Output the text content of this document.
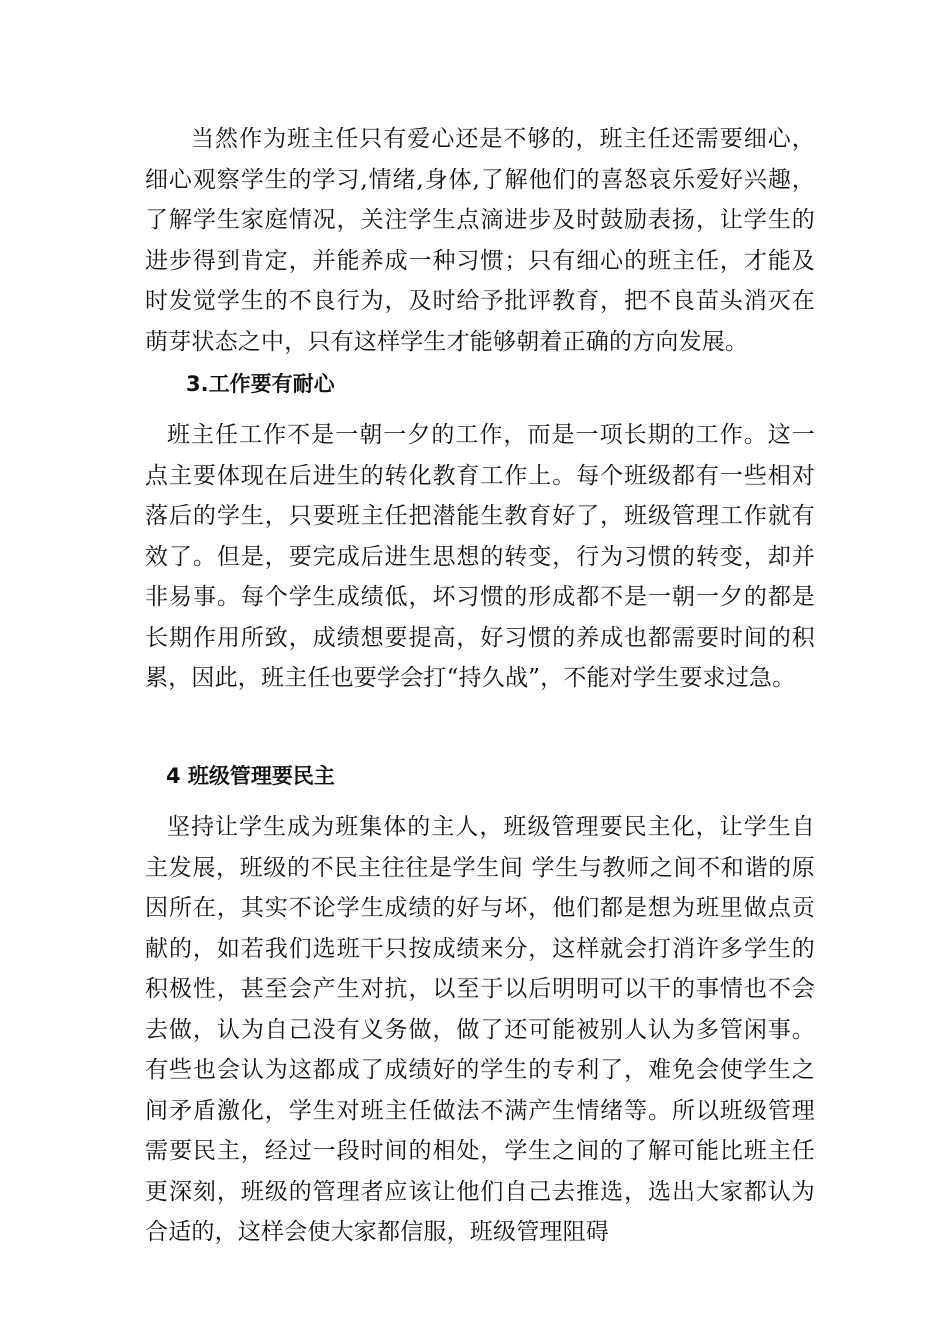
当然作为班主任只有爱心还是不够的，班主任还需要细心，细心观察学生的学习,情绪,身体,了解他们的喜怒哀乐爱好兴趣，了解学生家庭情况，关注学生点滴进步及时鼓励表扬，让学生的进步得到肯定，并能养成一种习惯；只有细心的班主任，才能及时发觉学生的不良行为，及时给予批评教育，把不良苗头消灭在萌芽状态之中，只有这样学生才能够朝着正确的方向发展。

3.工作要有耐心

班主任工作不是一朝一夕的工作，而是一项长期的工作。这一点主要体现在后进生的转化教育工作上。每个班级都有一些相对落后的学生，只要班主任把潜能生教育好了，班级管理工作就有效了。但是，要完成后进生思想的转变，行为习惯的转变，却并非易事。每个学生成绩低，坏习惯的形成都不是一朝一夕的都是长期作用所致，成绩想要提高，好习惯的养成也都需要时间的积累，因此，班主任也要学会打“持久战”，不能对学生要求过急。

4 班级管理要民主

坚持让学生成为班集体的主人，班级管理要民主化，让学生自主发展，班级的不民主往往是学生间 学生与教师之间不和谐的原因所在，其实不论学生成绩的好与坏，他们都是想为班里做点贡献的，如若我们选班干只按成绩来分，这样就会打消许多学生的积极性，甚至会产生对抗，以至于以后明明可以干的事情也不会去做，认为自己没有义务做，做了还可能被别人认为多管闲事。有些也会认为这都成了成绩好的学生的专利了，难免会使学生之间矛盾激化，学生对班主任做法不满产生情绪等。所以班级管理需要民主，经过一段时间的相处，学生之间的了解可能比班主任更深刻，班级的管理者应该让他们自己去推选，选出大家都认为合适的，这样会使大家都信服，班级管理阻碍
